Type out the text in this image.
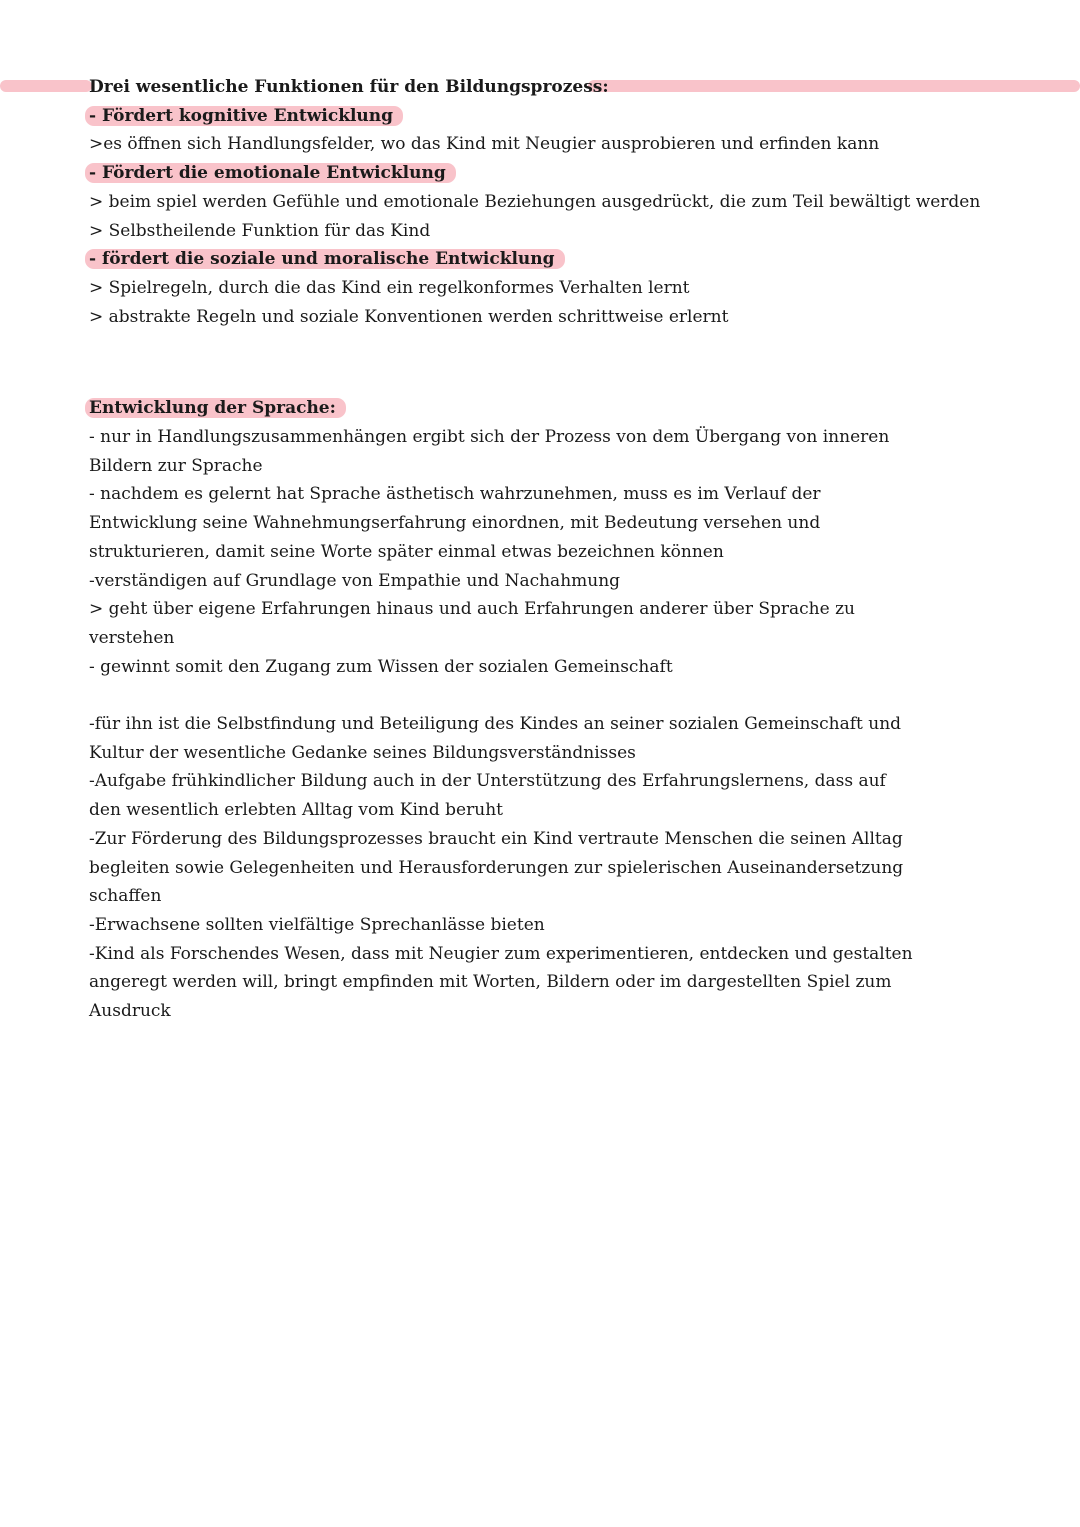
Drei wesentliche Funktionen für den Bildungsprozess:
- Fördert kognitive Entwicklung
>es öffnen sich Handlungsfelder, wo das Kind mit Neugier ausprobieren und erfinden kann
- Fördert die emotionale Entwicklung
> beim spiel werden Gefühle und emotionale Beziehungen ausgedrückt, die zum Teil bewältigt werden
> Selbstheilende Funktion für das Kind
- fördert die soziale und moralische Entwicklung
> Spielregeln, durch die das Kind ein regelkonformes Verhalten lernt
> abstrakte Regeln und soziale Konventionen werden schrittweise erlernt
Entwicklung der Sprache:
- nur in Handlungszusammenhängen ergibt sich der Prozess von dem Übergang von inneren Bildern zur Sprache
- nachdem es gelernt hat Sprache ästhetisch wahrzunehmen, muss es im Verlauf der Entwicklung seine Wahnehmungserfahrung einordnen, mit Bedeutung versehen und strukturieren, damit seine Worte später einmal etwas bezeichnen können
-verständigen auf Grundlage von Empathie und Nachahmung
> geht über eigene Erfahrungen hinaus und auch Erfahrungen anderer über Sprache zu verstehen
- gewinnt somit den Zugang zum Wissen der sozialen Gemeinschaft
-für ihn ist die Selbstfindung und Beteiligung des Kindes an seiner sozialen Gemeinschaft und Kultur der wesentliche Gedanke seines Bildungsverständnisses
-Aufgabe frühkindlicher Bildung auch in der Unterstützung des Erfahrungslernens, dass auf den wesentlich erlebten Alltag vom Kind beruht
-Zur Förderung des Bildungsprozesses braucht ein Kind vertraute Menschen die seinen Alltag begleiten sowie Gelegenheiten und Herausforderungen zur spielerischen Auseinandersetzung schaffen
-Erwachsene sollten vielfältige Sprechanlässe bieten
-Kind als Forschendes Wesen, dass mit Neugier zum experimentieren, entdecken und gestalten angeregt werden will, bringt empfinden mit Worten, Bildern oder im dargestellten Spiel zum Ausdruck
